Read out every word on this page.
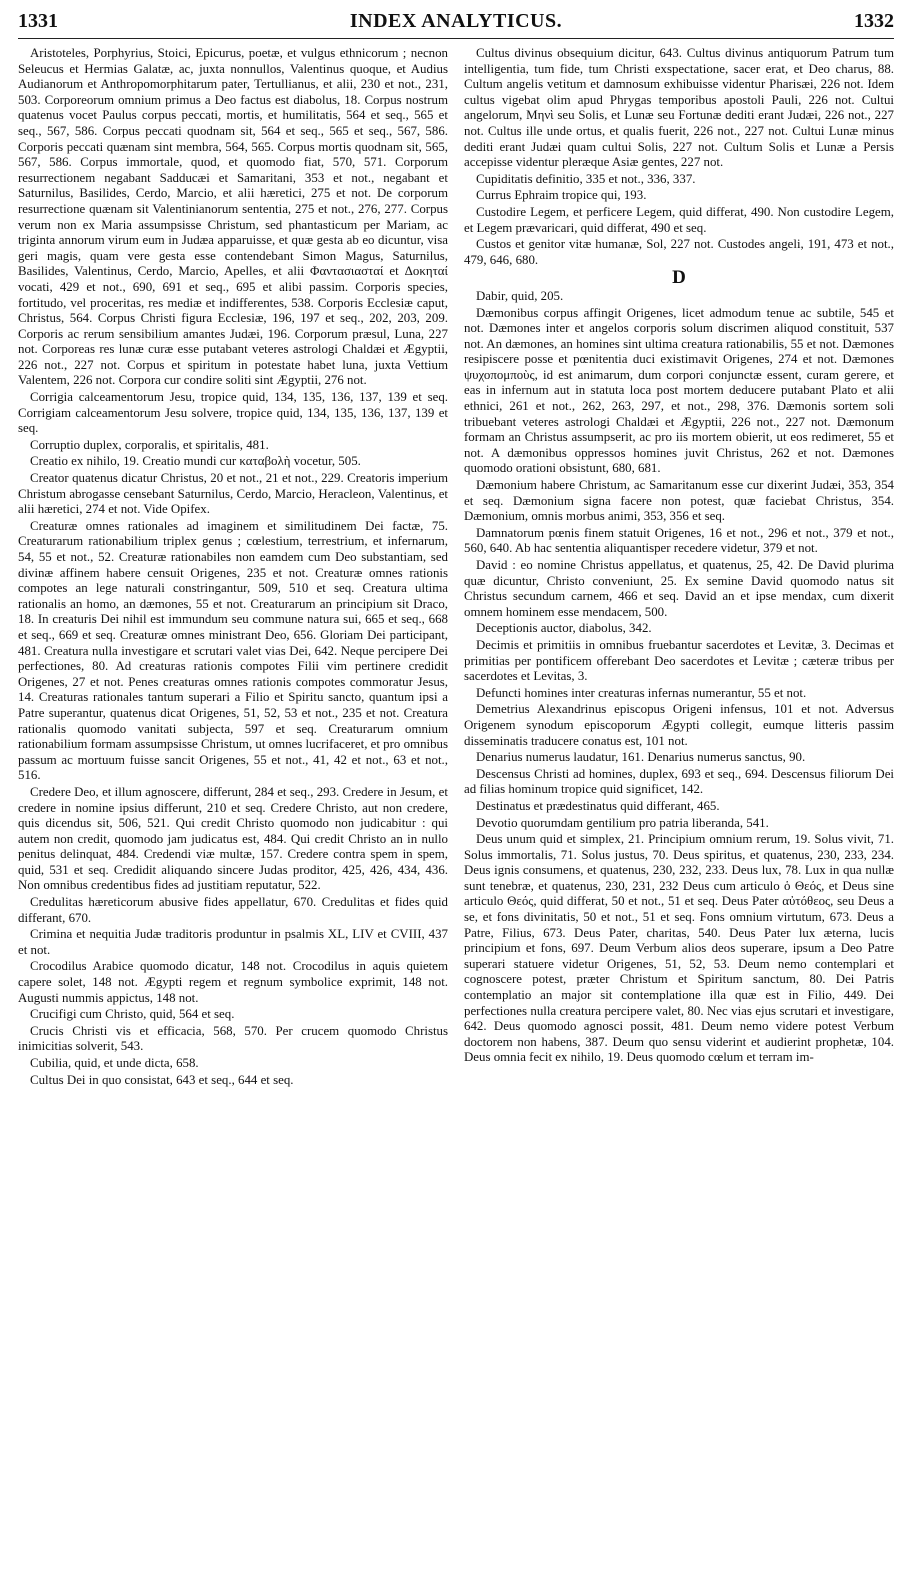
1331	INDEX ANALYTICUS.	1332

Aristoteles, Porphyrius, Stoici, Epicurus, poetæ, et vulgus ethnicorum ; necnon Seleucus et Hermias Galatæ, ac, juxta nonnullos, Valentinus quoque, et Audius Audianorum et Anthropomorphitarum pater, Tertullianus, et alii, 230 et not., 231, 503. Corporeorum omnium primus a Deo factus est diabolus, 18. Corpus nostrum quatenus vocet Paulus corpus peccati, mortis, et humilitatis, 564 et seq., 565 et seq., 567, 586. Corpus peccati quodnam sit, 564 et seq., 565 et seq., 567, 586. Corporis peccati quænam sint membra, 564, 565. Corpus mortis quodnam sit, 565, 567, 586. Corpus immortale, quod, et quomodo fiat, 570, 571. Corporum resurrectionem negabant Sadducæi et Samaritani, 353 et not., negabant et Saturnilus, Basilides, Cerdo, Marcio, et alii hæretici, 275 et not. De corporum resurrectione quænam sit Valentinianorum sententia, 275 et not., 276, 277. Corpus verum non ex Maria assumpsisse Christum, sed phantasticum per Mariam, ac triginta annorum virum eum in Judæa apparuisse, et quæ gesta ab eo dicuntur, visa geri magis, quam vere gesta esse contendebant Simon Magus, Saturnilus, Basilides, Valentinus, Cerdo, Marcio, Apelles, et alii Φαντασιασταί et Δοκηταί vocati, 429 et not., 690, 691 et seq., 695 et alibi passim. Corporis species, fortitudo, vel proceritas, res mediæ et indifferentes, 538. Corporis Ecclesiæ caput, Christus, 564. Corpus Christi figura Ecclesiæ, 196, 197 et seq., 202, 203, 209. Corporis ac rerum sensibilium amantes Judæi, 196. Corporum præsul, Luna, 227 not. Corporeas res lunæ curæ esse putabant veteres astrologi Chaldæi et Ægyptii, 226 not., 227 not. Corpus et spiritum in potestate habet luna, juxta Vettium Valentem, 226 not. Corpora cur condire soliti sint Ægyptii, 276 not.

Corrigia calceamentorum Jesu, tropice quid, 134, 135, 136, 137, 139 et seq. Corrigiam calceamentorum Jesu solvere, tropice quid, 134, 135, 136, 137, 139 et seq.

Corruptio duplex, corporalis, et spiritalis, 481.

Creatio ex nihilo, 19. Creatio mundi cur καταβολὴ vocetur, 505.

Creator quatenus dicatur Christus, 20 et not., 21 et not., 229. Creatoris imperium Christum abrogasse censebant Saturnilus, Cerdo, Marcio, Heracleon, Valentinus, et alii hæretici, 274 et not. Vide Opifex.

Creaturæ omnes rationales ad imaginem et similitudinem Dei factæ, 75. Creaturarum rationabilium triplex genus ; cœlestium, terrestrium, et infernarum, 54, 55 et not., 52. Creaturæ rationabiles non eamdem cum Deo substantiam, sed divinæ affinem habere censuit Origenes, 235 et not. Creaturæ omnes rationis compotes an lege naturali constringantur, 509, 510 et seq. Creatura ultima rationalis an homo, an dæmones, 55 et not. Creaturarum an principium sit Draco, 18. In creaturis Dei nihil est immundum seu commune natura sui, 665 et seq., 668 et seq., 669 et seq. Creaturæ omnes ministrant Deo, 656. Gloriam Dei participant, 481. Creatura nulla investigare et scrutari valet vias Dei, 642. Neque percipere Dei perfectiones, 80. Ad creaturas rationis compotes Filii vim pertinere credidit Origenes, 27 et not. Penes creaturas omnes rationis compotes commoratur Jesus, 14. Creaturas rationales tantum superari a Filio et Spiritu sancto, quantum ipsi a Patre superantur, quatenus dicat Origenes, 51, 52, 53 et not., 235 et not. Creatura rationalis quomodo vanitati subjecta, 597 et seq. Creaturarum omnium rationabilium formam assumpsisse Christum, ut omnes lucrifaceret, et pro omnibus passum ac mortuum fuisse sancit Origenes, 55 et not., 41, 42 et not., 63 et not., 516.

Credere Deo, et illum agnoscere, differunt, 284 et seq., 293. Credere in Jesum, et credere in nomine ipsius differunt, 210 et seq. Credere Christo, aut non credere, quis dicendus sit, 506, 521. Qui credit Christo quomodo non judicabitur : qui autem non credit, quomodo jam judicatus est, 484. Qui credit Christo an in nullo penitus delinquat, 484. Credendi viæ multæ, 157. Credere contra spem in spem, quid, 531 et seq. Credidit aliquando sincere Judas proditor, 425, 426, 434, 436. Non omnibus credentibus fides ad justitiam reputatur, 522.

Credulitas hæreticorum abusive fides appellatur, 670. Credulitas et fides quid differant, 670.

Crimina et nequitia Judæ traditoris produntur in psalmis XL, LIV et CVIII, 437 et not.

Crocodilus Arabice quomodo dicatur, 148 not. Crocodilus in aquis quietem capere solet, 148 not. Ægypti regem et regnum symbolice exprimit, 148 not. Augusti nummis appictus, 148 not.

Crucifigi cum Christo, quid, 564 et seq.

Crucis Christi vis et efficacia, 568, 570. Per crucem quomodo Christus inimicitias solverit, 543.

Cubilia, quid, et unde dicta, 658.

Cultus Dei in quo consistat, 643 et seq., 644 et seq.

Cultus divinus obsequium dicitur, 643. Cultus divinus antiquorum Patrum tum intelligentia, tum fide, tum Christi exspectatione, sacer erat, et Deo charus, 88. Cultum angelis vetitum et damnosum exhibuisse videntur Pharisæi, 226 not. Idem cultus vigebat olim apud Phrygas temporibus apostoli Pauli, 226 not. Cultui angelorum, Μηνὶ seu Solis, et Lunæ seu Fortunæ dediti erant Judæi, 226 not., 227 not. Cultus ille unde ortus, et qualis fuerit, 226 not., 227 not. Cultui Lunæ minus dediti erant Judæi quam cultui Solis, 227 not. Cultum Solis et Lunæ a Persis accepisse videntur pleræque Asiæ gentes, 227 not.

Cupiditatis definitio, 335 et not., 336, 337.

Currus Ephraim tropice qui, 193.

Custodire Legem, et perficere Legem, quid differat, 490. Non custodire Legem, et Legem prævaricari, quid differat, 490 et seq.

Custos et genitor vitæ humanæ, Sol, 227 not. Custodes angeli, 191, 473 et not., 479, 646, 680.

D

Dabir, quid, 205.

Dæmonibus corpus affingit Origenes, licet admodum tenue ac subtile, 545 et not. Dæmones inter et angelos corporis solum discrimen aliquod constituit, 537 not. An dæmones, an homines sint ultima creatura rationabilis, 55 et not. Dæmones resipiscere posse et pœnitentia duci existimavit Origenes, 274 et not. Dæmones ψυχοπομποὺς, id est animarum, dum corpori conjunctæ essent, curam gerere, et eas in infernum aut in statuta loca post mortem deducere putabant Plato et alii ethnici, 261 et not., 262, 263, 297, et not., 298, 376. Dæmonis sortem soli tribuebant veteres astrologi Chaldæi et Ægyptii, 226 not., 227 not. Dæmonum formam an Christus assumpserit, ac pro iis mortem obierit, ut eos redimeret, 55 et not. A dæmonibus oppressos homines juvit Christus, 262 et not. Dæmones quomodo orationi obsistunt, 680, 681.

Dæmonium habere Christum, ac Samaritanum esse cur dixerint Judæi, 353, 354 et seq. Dæmonium signa facere non potest, quæ faciebat Christus, 354. Dæmonium, omnis morbus animi, 353, 356 et seq.

Damnatorum pœnis finem statuit Origenes, 16 et not., 296 et not., 379 et not., 560, 640. Ab hac sententia aliquantisper recedere videtur, 379 et not.

David : eo nomine Christus appellatus, et quatenus, 25, 42. De David plurima quæ dicuntur, Christo conveniunt, 25. Ex semine David quomodo natus sit Christus secundum carnem, 466 et seq. David an et ipse mendax, cum dixerit omnem hominem esse mendacem, 500.

Deceptionis auctor, diabolus, 342.

Decimis et primitiis in omnibus fruebantur sacerdotes et Levitæ, 3. Decimas et primitias per pontificem offerebant Deo sacerdotes et Levitæ ; cæteræ tribus per sacerdotes et Levitas, 3.

Defuncti homines inter creaturas infernas numerantur, 55 et not.

Demetrius Alexandrinus episcopus Origeni infensus, 101 et not. Adversus Origenem synodum episcoporum Ægypti collegit, eumque litteris passim disseminatis traducere conatus est, 101 not.

Denarius numerus laudatur, 161. Denarius numerus sanctus, 90.

Descensus Christi ad homines, duplex, 693 et seq., 694. Descensus filiorum Dei ad filias hominum tropice quid significet, 142.

Destinatus et prædestinatus quid differant, 465.

Devotio quorumdam gentilium pro patria liberanda, 541.

Deus unum quid et simplex, 21. Principium omnium rerum, 19. Solus vivit, 71. Solus immortalis, 71. Solus justus, 70. Deus spiritus, et quatenus, 230, 233, 234. Deus ignis consumens, et quatenus, 230, 232, 233. Deus lux, 78. Lux in qua nullæ sunt tenebræ, et quatenus, 230, 231, 232 Deus cum articulo ὁ Θεός, et Deus sine articulo Θεός, quid differat, 50 et not., 51 et seq. Deus Pater αὐτόθεος, seu Deus a se, et fons divinitatis, 50 et not., 51 et seq. Fons omnium virtutum, 673. Deus a Patre, Filius, 673. Deus Pater, charitas, 540. Deus Pater lux æterna, lucis principium et fons, 697. Deum Verbum alios deos superare, ipsum a Deo Patre superari statuere videtur Origenes, 51, 52, 53. Deum nemo contemplari et cognoscere potest, præter Christum et Spiritum sanctum, 80. Dei Patris contemplatio an major sit contemplatione illa quæ est in Filio, 449. Dei perfectiones nulla creatura percipere valet, 80. Nec vias ejus scrutari et investigare, 642. Deus quomodo agnosci possit, 481. Deum nemo videre potest Verbum doctorem non habens, 387. Deum quo sensu viderint et audierint prophetæ, 104. Deus omnia fecit ex nihilo, 19. Deus quomodo cœlum et terram im-
